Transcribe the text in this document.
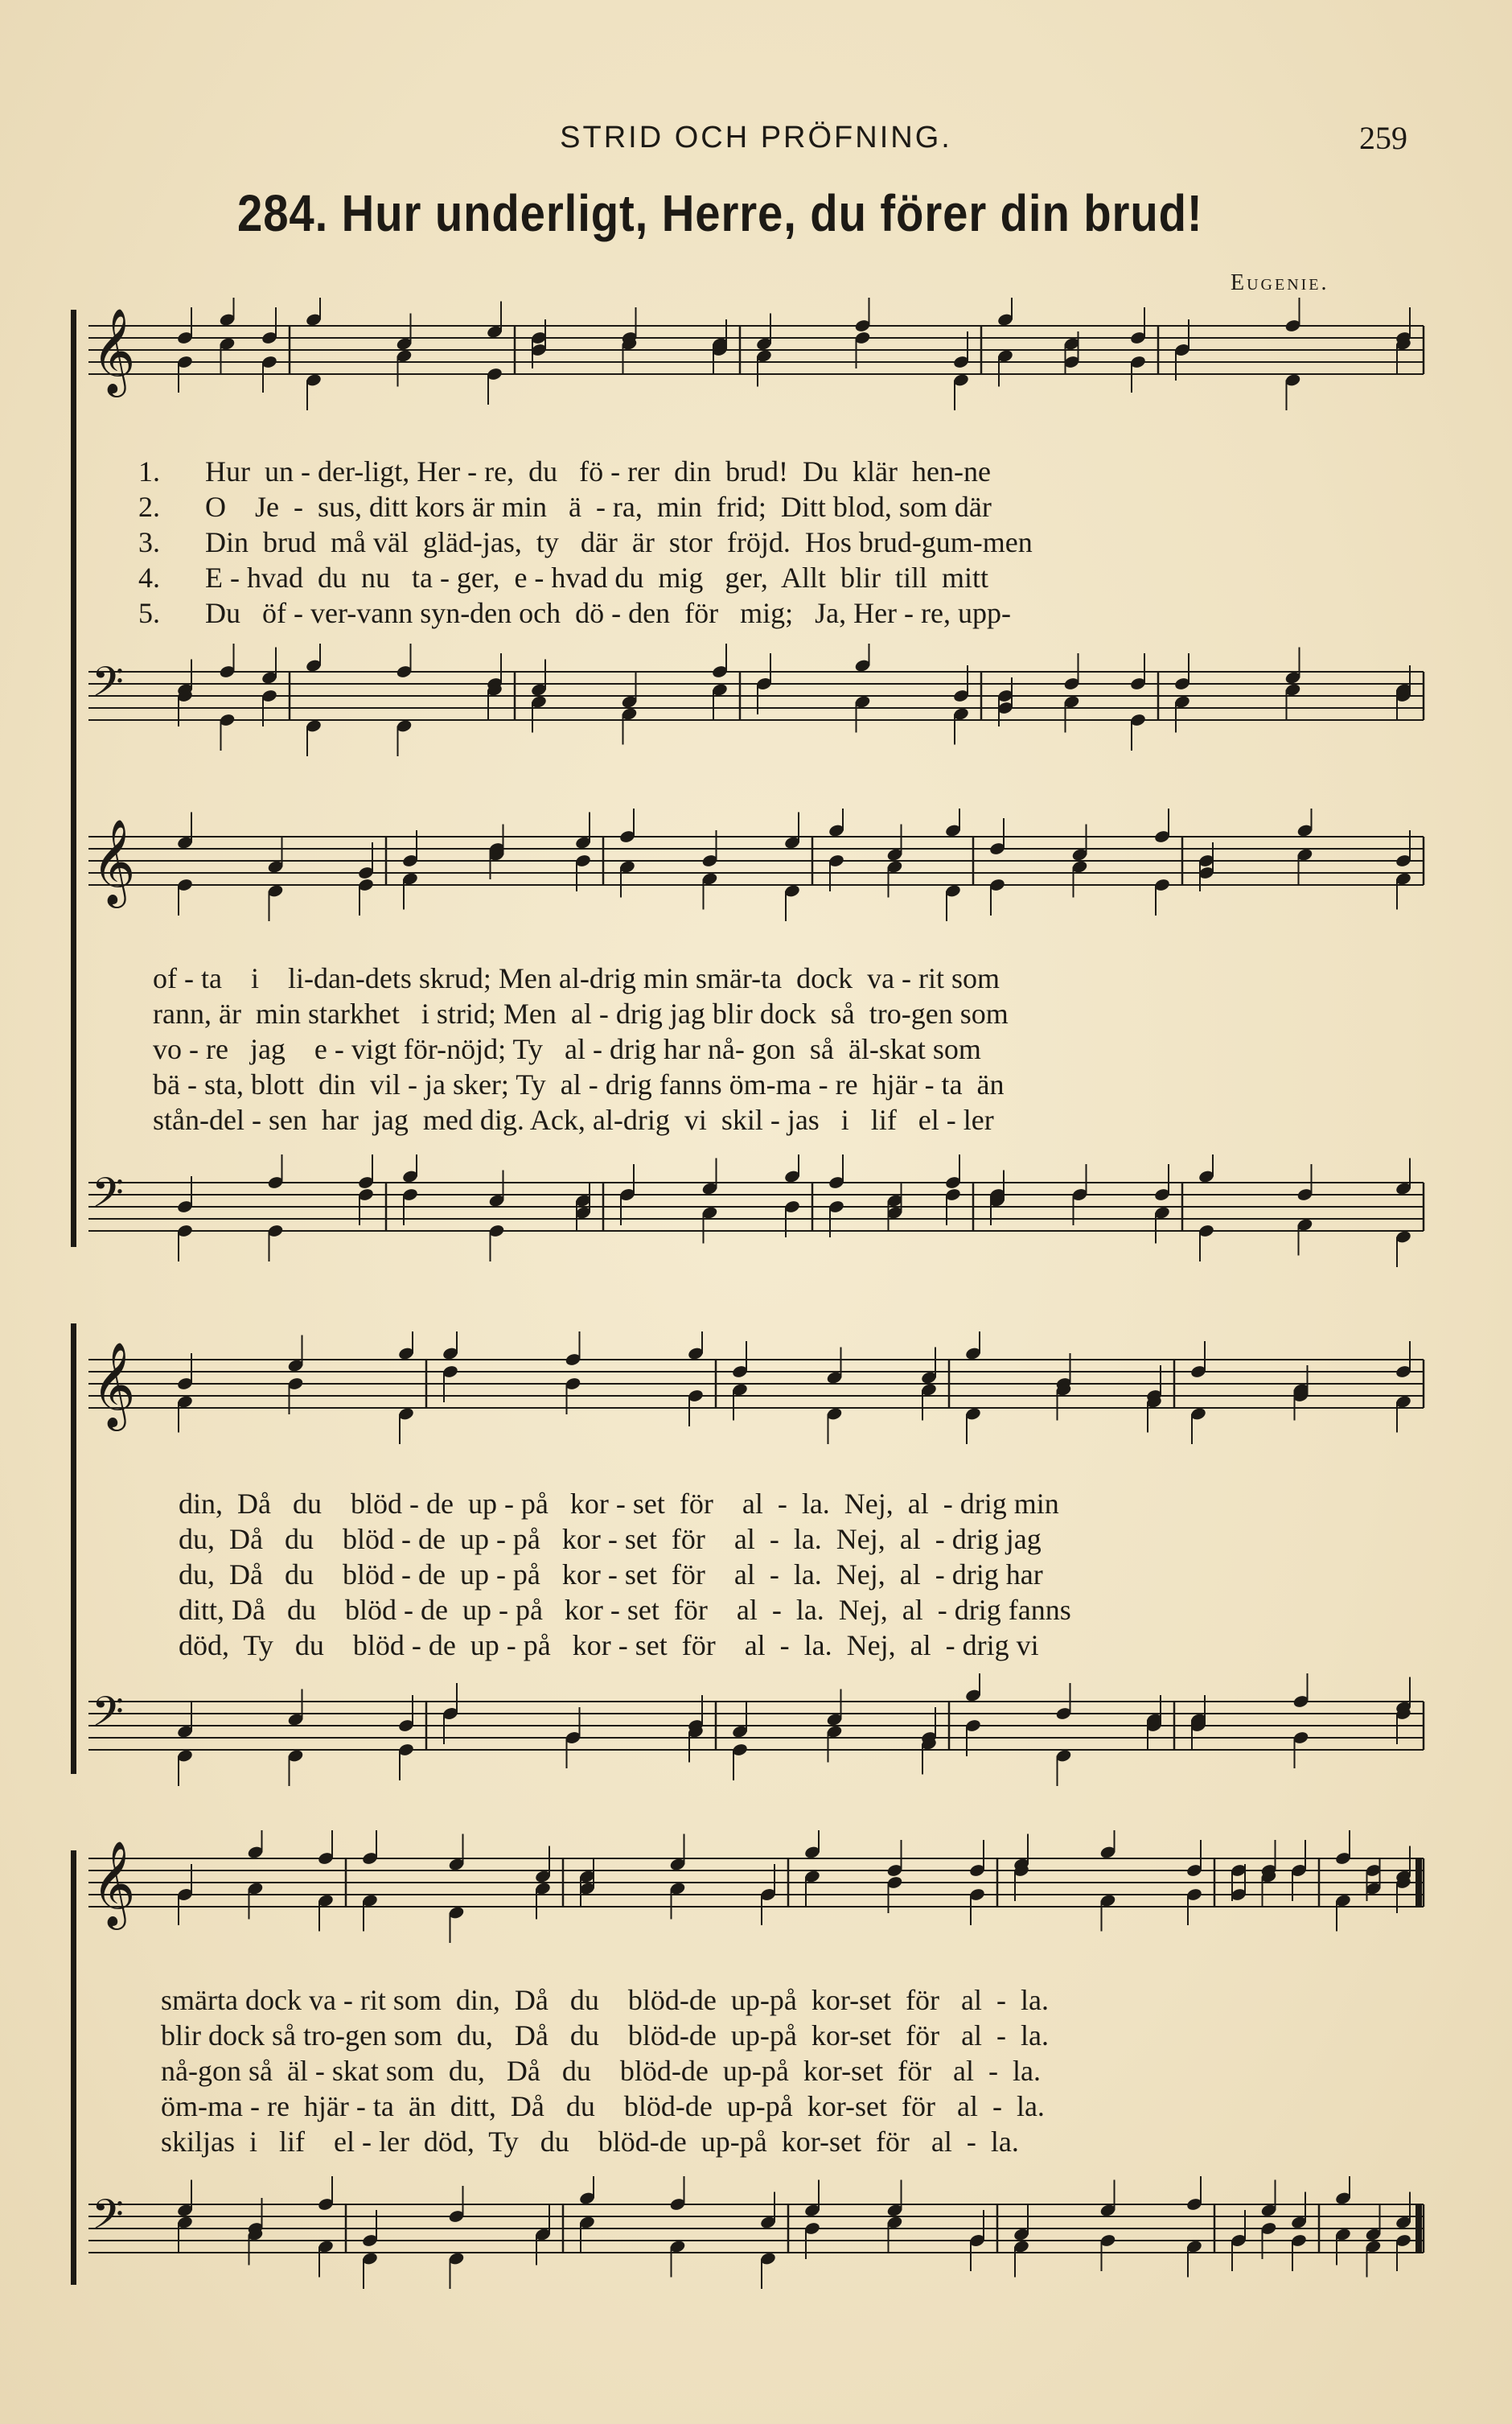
STRID OCH PRÖFNING.	259
284. Hur underligt, Herre, du förer din brud!
Eugenie.
𝄞
𝄢
𝄞
𝄢
𝄞
𝄢
𝄞
𝄢
1.
2.
3.
4.
5.
Hur  un - der-ligt, Her - re,  du   fö - rer  din  brud!  Du  klär  hen-ne
O    Je  -  sus, ditt kors är min   ä  - ra,  min  frid;  Ditt blod, som där
Din  brud  må väl  gläd-jas,  ty   där  är  stor  fröjd.  Hos brud-gum-men
E - hvad  du  nu   ta - ger,  e - hvad du  mig   ger,  Allt  blir  till  mitt
Du   öf - ver-vann syn-den och  dö - den  för   mig;   Ja, Her - re, upp-
of - ta    i    li-dan-dets skrud; Men al-drig min smär-ta  dock  va - rit som
rann, är  min starkhet   i strid; Men  al - drig jag blir dock  så  tro-gen som
vo - re   jag    e - vigt för-nöjd; Ty   al - drig har nå- gon  så  äl-skat som
bä - sta, blott  din  vil - ja sker; Ty  al - drig fanns öm-ma - re  hjär - ta  än
stån-del - sen  har  jag  med dig. Ack, al-drig  vi  skil - jas   i   lif   el - ler
din,  Då   du    blöd - de  up - på   kor - set  för    al  -  la.  Nej,  al  - drig min
du,  Då   du    blöd - de  up - på   kor - set  för    al  -  la.  Nej,  al  - drig jag
du,  Då   du    blöd - de  up - på   kor - set  för    al  -  la.  Nej,  al  - drig har
ditt, Då   du    blöd - de  up - på   kor - set  för    al  -  la.  Nej,  al  - drig fanns
död,  Ty   du    blöd - de  up - på   kor - set  för    al  -  la.  Nej,  al  - drig vi
smärta dock va - rit som  din,  Då   du    blöd-de  up-på  kor-set  för   al  -  la.
blir dock så tro-gen som  du,   Då   du    blöd-de  up-på  kor-set  för   al  -  la.
nå-gon så  äl - skat som  du,   Då   du    blöd-de  up-på  kor-set  för   al  -  la.
öm-ma - re  hjär - ta  än  ditt,  Då   du    blöd-de  up-på  kor-set  för   al  -  la.
skiljas  i   lif    el - ler  död,  Ty   du    blöd-de  up-på  kor-set  för   al  -  la.
